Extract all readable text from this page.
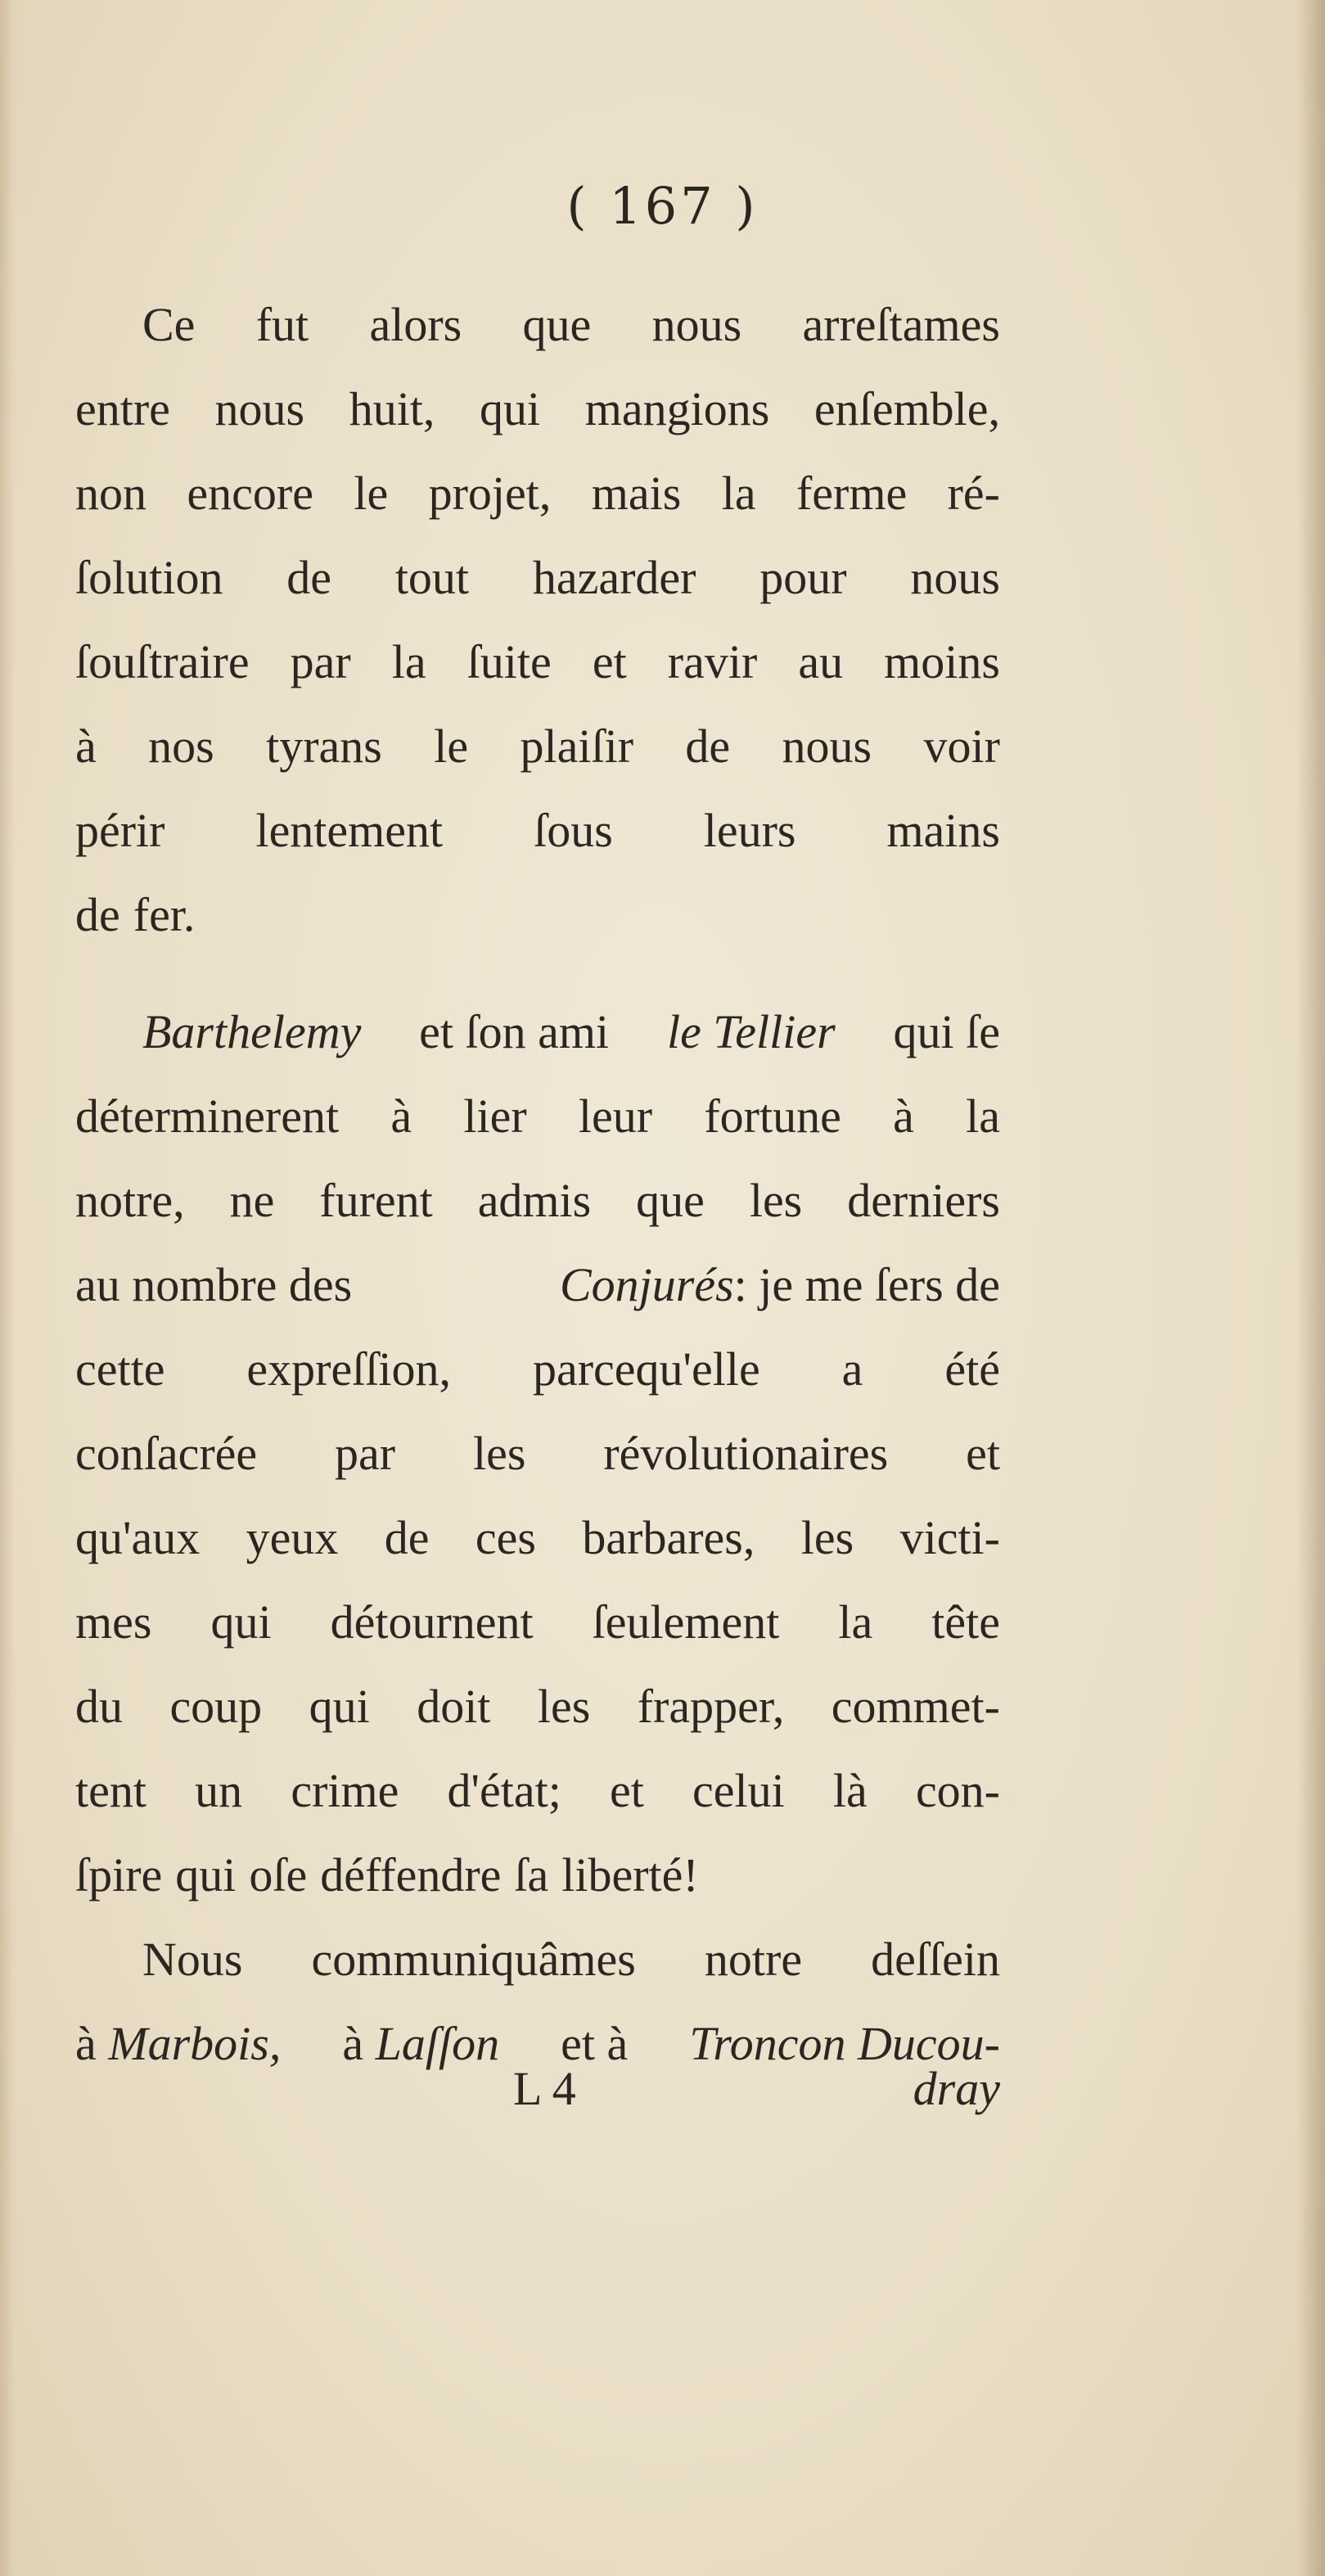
( 167 )
Ce fut alors que nous arreſtames
entre nous huit, qui mangions enſemble,
non encore le projet, mais la ferme ré-
ſolution de tout hazarder pour nous
ſouſtraire par la ſuite et ravir au moins
à nos tyrans le plaiſir de nous voir
périr lentement ſous leurs mains
de fer.
Barthelemy et ſon ami le Tellier qui ſe
déterminerent à lier leur fortune à la
notre, ne furent admis que les derniers
au nombre des	Conjurés: je me ſers de
cette expreſſion, parcequ'elle a été
conſacrée par les révolutionaires et
qu'aux yeux de ces barbares, les victi-
mes qui détournent ſeulement la tête
du coup qui doit les frapper, commet-
tent un crime d'état; et celui là con-
ſpire qui oſe déffendre ſa liberté!
Nous communiquâmes notre deſſein
à Marbois, à Laſſon et à Troncon Ducou-
L 4	dray
